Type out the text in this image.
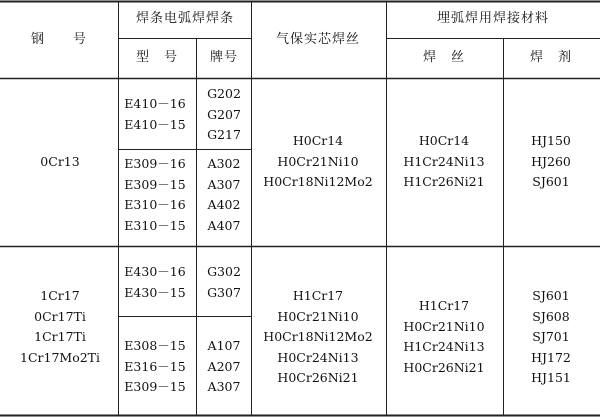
钢　　号
焊条电弧焊焊条
型　号 牌号
气保实芯焊丝
埋弧焊用焊接材料
焊　丝	焊　剂
0Cr13
E410－16
E410－15
G202
G207
G217
E309－16
E309－15
E310－16
E310－15
A302
A307
A402
A407
H0Cr14
H0Cr21Ni10
H0Cr18Ni12Mo2
H0Cr14
H1Cr24Ni13
H1Cr26Ni21
HJ150
HJ260
SJ601
1Cr17
0Cr17Ti
1Cr17Ti
1Cr17Mo2Ti
E430－16
E430－15
G302
G307
E308－15
E316－15
E309－15
A107
A207
A307
H1Cr17
H0Cr21Ni10
H0Cr18Ni12Mo2
H0Cr24Ni13
H0Cr26Ni21
H1Cr17
H0Cr21Ni10
H1Cr24Ni13
H0Cr26Ni21
SJ601
SJ608
SJ701
HJ172
HJ151
